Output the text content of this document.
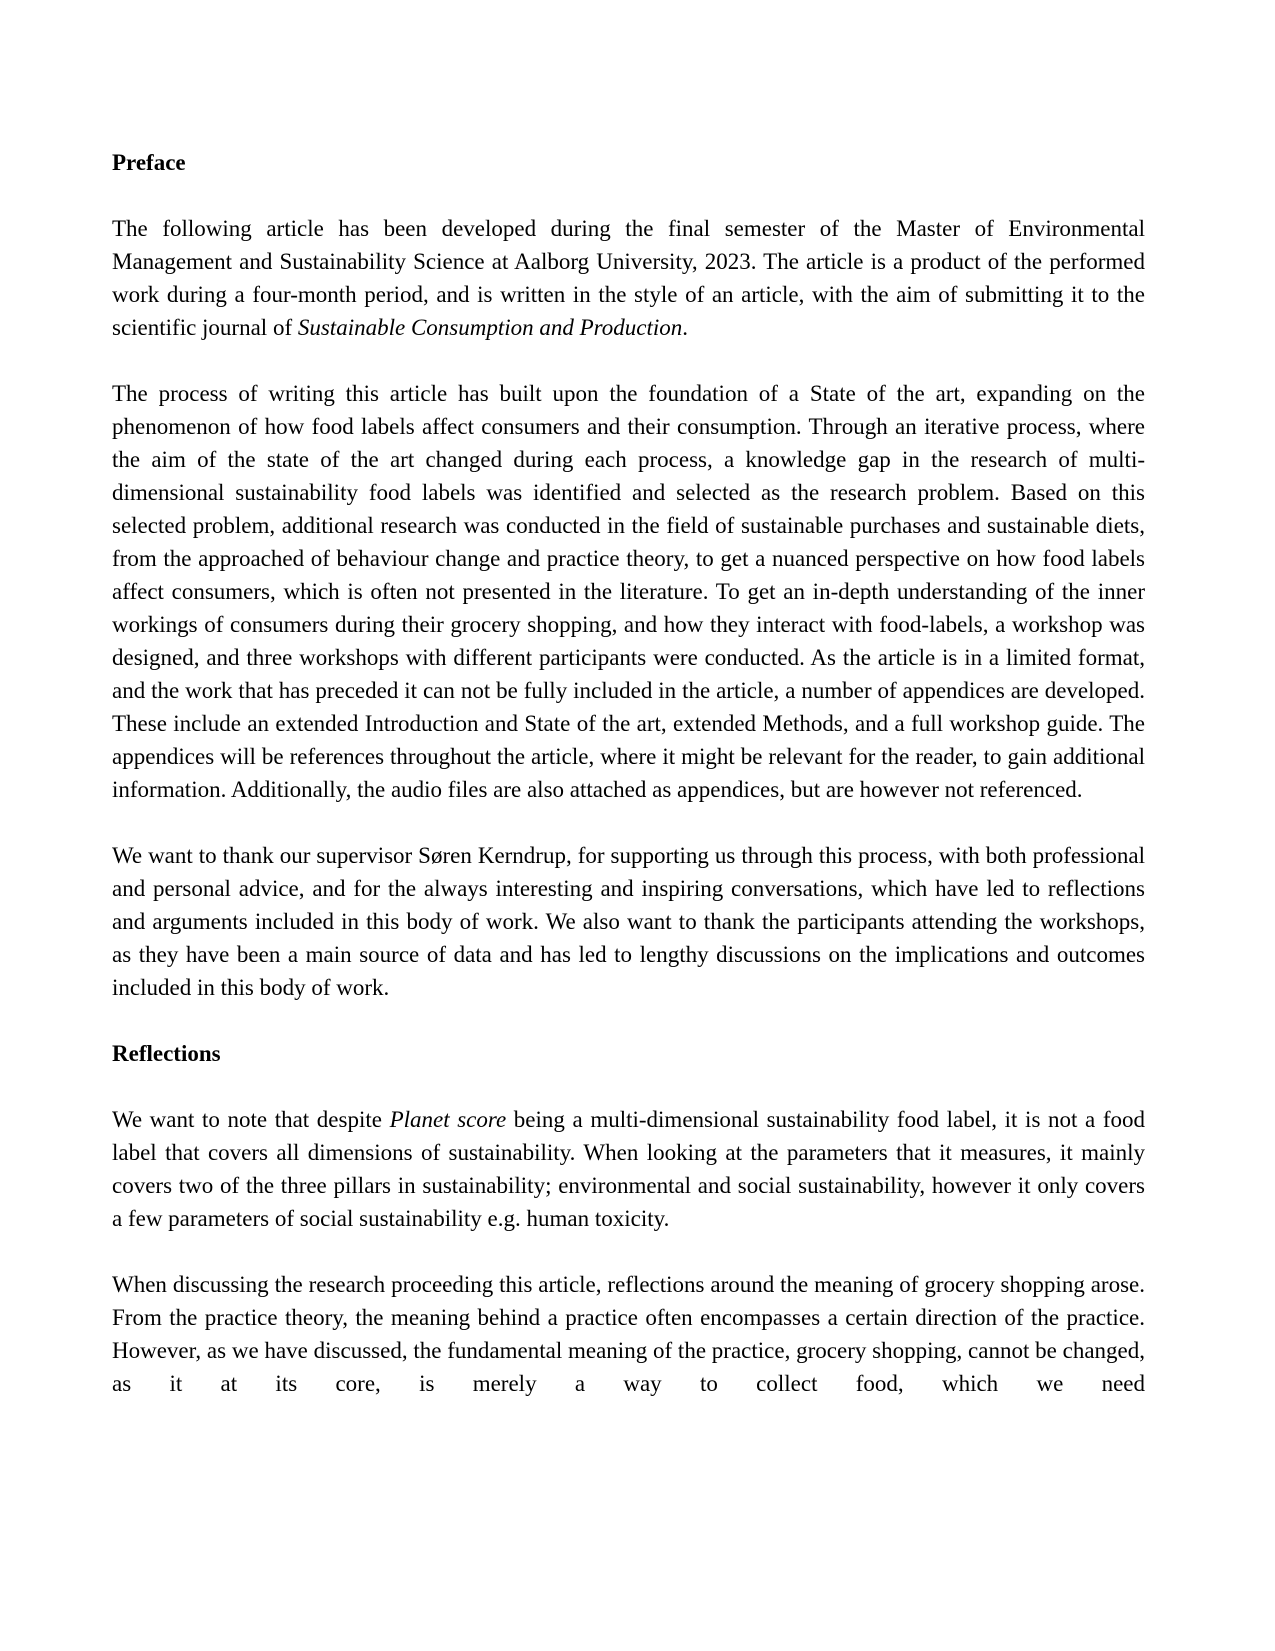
Preface

The following article has been developed during the final semester of the Master of Environmental Management and Sustainability Science at Aalborg University, 2023. The article is a product of the performed work during a four-month period, and is written in the style of an article, with the aim of submitting it to the scientific journal of Sustainable Consumption and Production.

The process of writing this article has built upon the foundation of a State of the art, expanding on the phenomenon of how food labels affect consumers and their consumption. Through an iterative process, where the aim of the state of the art changed during each process, a knowledge gap in the research of multi-dimensional sustainability food labels was identified and selected as the research problem. Based on this selected problem, additional research was conducted in the field of sustainable purchases and sustainable diets, from the approached of behaviour change and practice theory, to get a nuanced perspective on how food labels affect consumers, which is often not presented in the literature. To get an in-depth understanding of the inner workings of consumers during their grocery shopping, and how they interact with food-labels, a workshop was designed, and three workshops with different participants were conducted. As the article is in a limited format, and the work that has preceded it can not be fully included in the article, a number of appendices are developed. These include an extended Introduction and State of the art, extended Methods, and a full workshop guide. The appendices will be references throughout the article, where it might be relevant for the reader, to gain additional information. Additionally, the audio files are also attached as appendices, but are however not referenced.

We want to thank our supervisor Søren Kerndrup, for supporting us through this process, with both professional and personal advice, and for the always interesting and inspiring conversations, which have led to reflections and arguments included in this body of work. We also want to thank the participants attending the workshops, as they have been a main source of data and has led to lengthy discussions on the implications and outcomes included in this body of work.

Reflections

We want to note that despite Planet score being a multi-dimensional sustainability food label, it is not a food label that covers all dimensions of sustainability. When looking at the parameters that it measures, it mainly covers two of the three pillars in sustainability; environmental and social sustainability, however it only covers a few parameters of social sustainability e.g. human toxicity.

When discussing the research proceeding this article, reflections around the meaning of grocery shopping arose. From the practice theory, the meaning behind a practice often encompasses a certain direction of the practice. However, as we have discussed, the fundamental meaning of the practice, grocery shopping, cannot be changed, as it at its core, is merely a way to collect food, which we need
